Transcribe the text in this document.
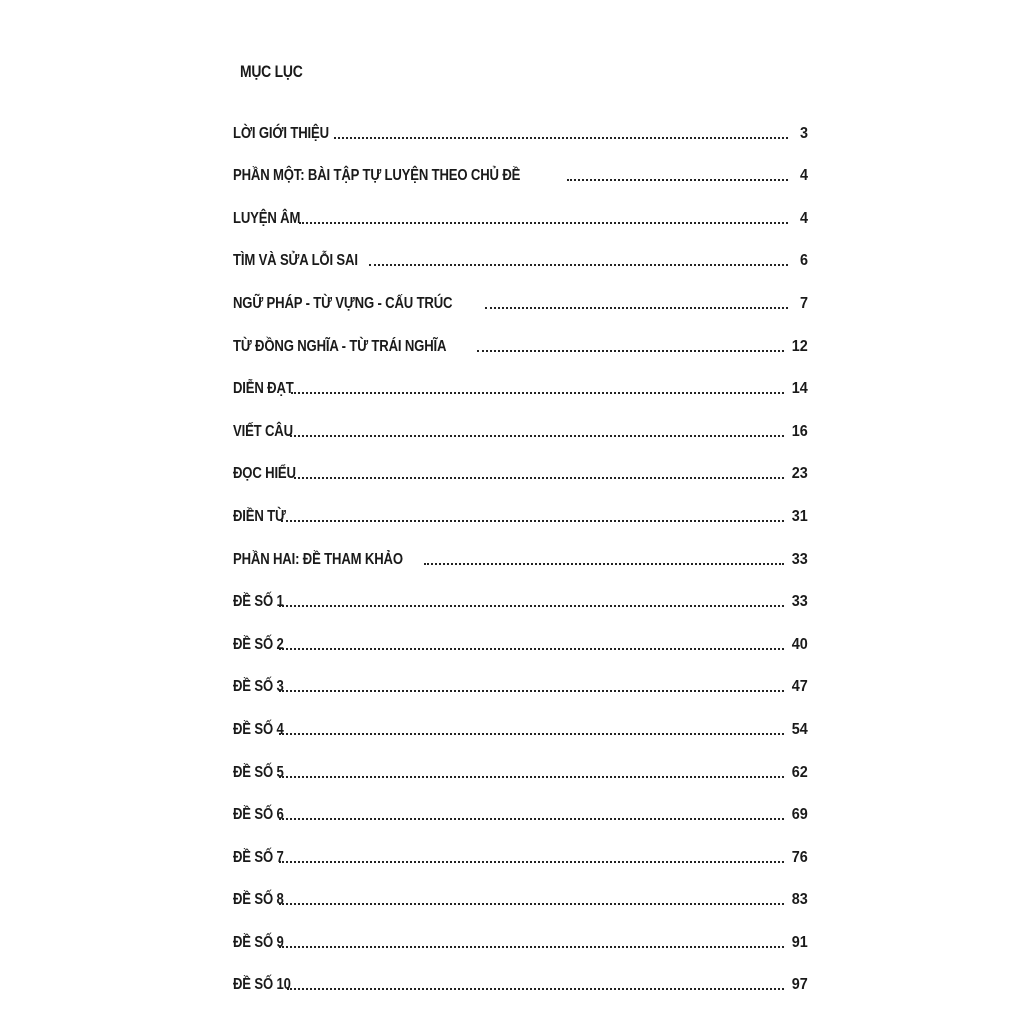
MỤC LỤC
LỜI GIỚI THIỆU	3
PHẦN MỘT: BÀI TẬP TỰ LUYỆN THEO CHỦ ĐỀ	4
LUYỆN ÂM	4
TÌM VÀ SỬA LỖI SAI	6
NGỮ PHÁP - TỪ VỰNG - CẤU TRÚC	7
TỪ ĐỒNG NGHĨA - TỪ TRÁI NGHĨA	12
DIỄN ĐẠT	14
VIẾT CÂU	16
ĐỌC HIỂU	23
ĐIỀN TỪ	31
PHẦN HAI: ĐỀ THAM KHẢO	33
ĐỀ SỐ 1	33
ĐỀ SỐ 2	40
ĐỀ SỐ 3	47
ĐỀ SỐ 4	54
ĐỀ SỐ 5	62
ĐỀ SỐ 6	69
ĐỀ SỐ 7	76
ĐỀ SỐ 8	83
ĐỀ SỐ 9	91
ĐỀ SỐ 10	97
